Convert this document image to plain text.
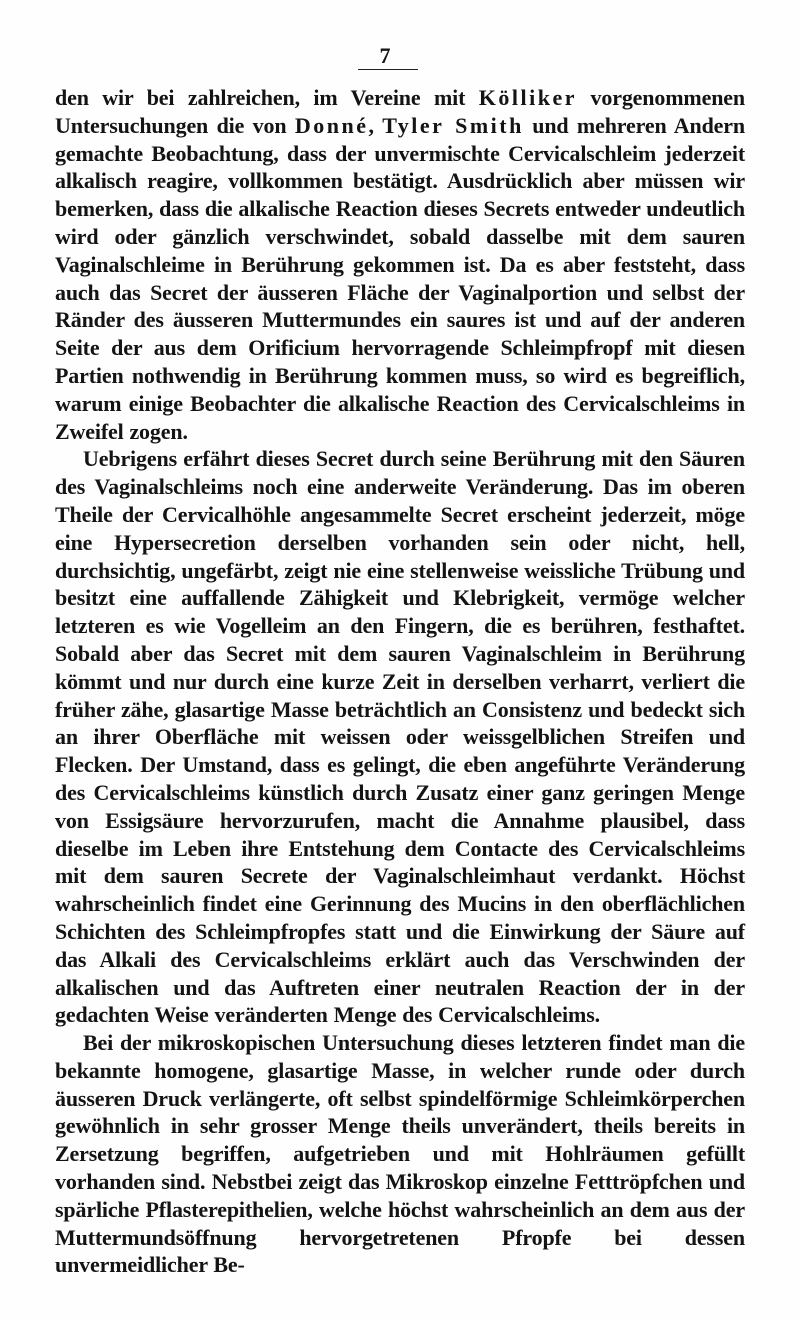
7

den wir bei zahlreichen, im Vereine mit Kölliker vorgenommenen Untersuchungen die von Donné, Tyler Smith und mehreren Andern gemachte Beobachtung, dass der unvermischte Cervicalschleim jederzeit alkalisch reagire, vollkommen bestätigt. Ausdrücklich aber müssen wir bemerken, dass die alkalische Reaction dieses Secrets entweder undeutlich wird oder gänzlich verschwindet, sobald dasselbe mit dem sauren Vaginalschleime in Berührung gekommen ist. Da es aber feststeht, dass auch das Secret der äusseren Fläche der Vaginalportion und selbst der Ränder des äusseren Muttermundes ein saures ist und auf der anderen Seite der aus dem Orificium hervorragende Schleimpfropf mit diesen Partien nothwendig in Berührung kommen muss, so wird es begreiflich, warum einige Beobachter die alkalische Reaction des Cervicalschleims in Zweifel zogen.

Uebrigens erfährt dieses Secret durch seine Berührung mit den Säuren des Vaginalschleims noch eine anderweite Veränderung. Das im oberen Theile der Cervicalhöhle angesammelte Secret erscheint jederzeit, möge eine Hypersecretion derselben vorhanden sein oder nicht, hell, durchsichtig, ungefärbt, zeigt nie eine stellenweise weissliche Trübung und besitzt eine auffallende Zähigkeit und Klebrigkeit, vermöge welcher letzteren es wie Vogelleim an den Fingern, die es berühren, festhaftet. Sobald aber das Secret mit dem sauren Vaginalschleim in Berührung kömmt und nur durch eine kurze Zeit in derselben verharrt, verliert die früher zähe, glasartige Masse beträchtlich an Consistenz und bedeckt sich an ihrer Oberfläche mit weissen oder weissgelblichen Streifen und Flecken. Der Umstand, dass es gelingt, die eben angeführte Veränderung des Cervicalschleims künstlich durch Zusatz einer ganz geringen Menge von Essigsäure hervorzurufen, macht die Annahme plausibel, dass dieselbe im Leben ihre Entstehung dem Contacte des Cervicalschleims mit dem sauren Secrete der Vaginalschleimhaut verdankt. Höchst wahrscheinlich findet eine Gerinnung des Mucins in den oberflächlichen Schichten des Schleimpfropfes statt und die Einwirkung der Säure auf das Alkali des Cervicalschleims erklärt auch das Verschwinden der alkalischen und das Auftreten einer neutralen Reaction der in der gedachten Weise veränderten Menge des Cervicalschleims.

Bei der mikroskopischen Untersuchung dieses letzteren findet man die bekannte homogene, glasartige Masse, in welcher runde oder durch äusseren Druck verlängerte, oft selbst spindelförmige Schleimkörperchen gewöhnlich in sehr grosser Menge theils unverändert, theils bereits in Zersetzung begriffen, aufgetrieben und mit Hohlräumen gefüllt vorhanden sind. Nebstbei zeigt das Mikroskop einzelne Fetttröpfchen und spärliche Pflasterepithelien, welche höchst wahrscheinlich an dem aus der Muttermundsöffnung hervorgetretenen Pfropfe bei dessen unvermeidlicher Be-
